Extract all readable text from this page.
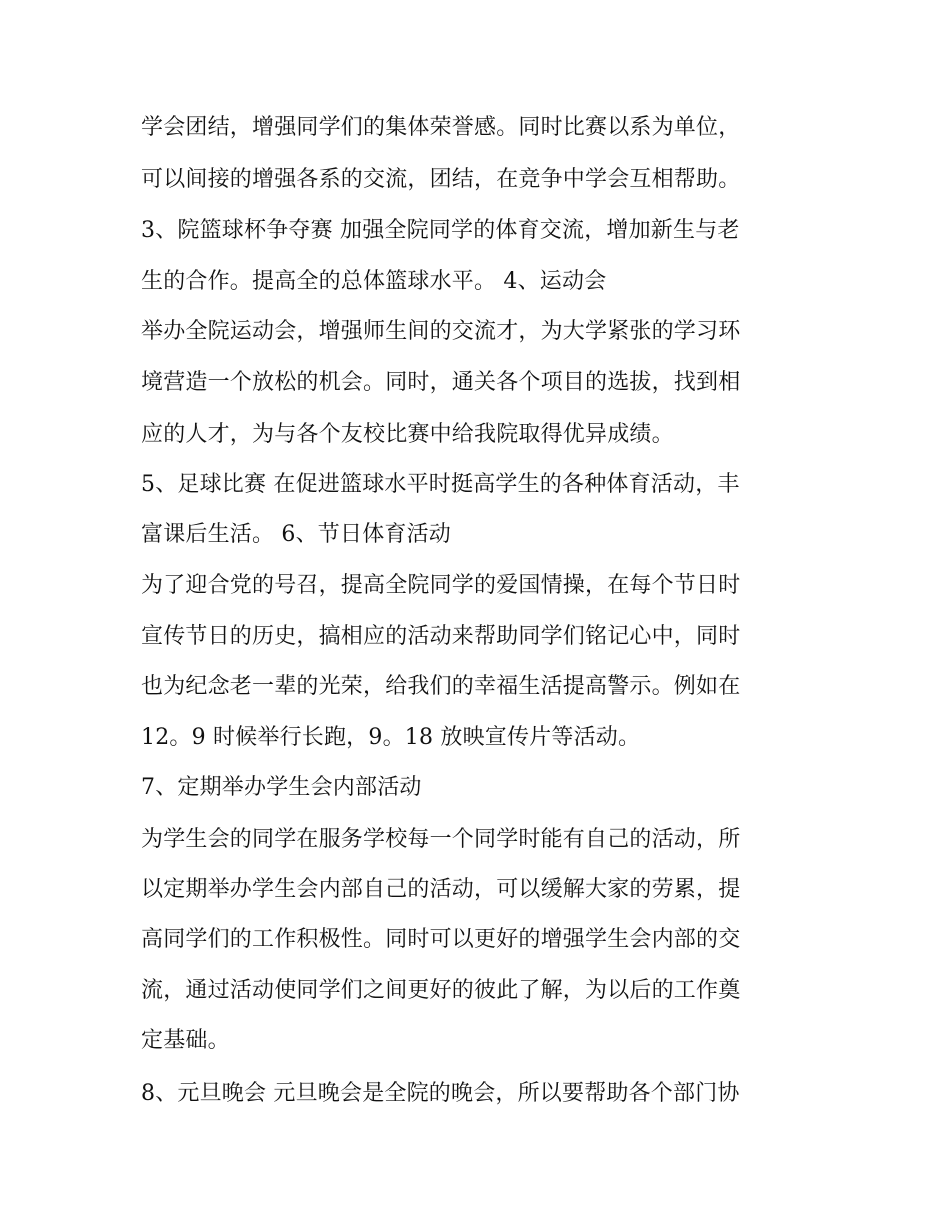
学会团结，增强同学们的集体荣誉感。同时比赛以系为单位，
可以间接的增强各系的交流，团结，在竞争中学会互相帮助。
3、院篮球杯争夺赛 加强全院同学的体育交流，增加新生与老
生的合作。提高全的总体篮球水平。 4、运动会
举办全院运动会，增强师生间的交流才，为大学紧张的学习环
境营造一个放松的机会。同时，通关各个项目的选拔，找到相
应的人才，为与各个友校比赛中给我院取得优异成绩。
5、足球比赛 在促进篮球水平时挺高学生的各种体育活动，丰
富课后生活。 6、节日体育活动
为了迎合党的号召，提高全院同学的爱国情操，在每个节日时
宣传节日的历史，搞相应的活动来帮助同学们铭记心中，同时
也为纪念老一辈的光荣，给我们的幸福生活提高警示。例如在
12。9 时候举行长跑，9。18 放映宣传片等活动。
7、定期举办学生会内部活动
为学生会的同学在服务学校每一个同学时能有自己的活动，所
以定期举办学生会内部自己的活动，可以缓解大家的劳累，提
高同学们的工作积极性。同时可以更好的增强学生会内部的交
流，通过活动使同学们之间更好的彼此了解，为以后的工作奠
定基础。
8、元旦晚会 元旦晚会是全院的晚会，所以要帮助各个部门协
